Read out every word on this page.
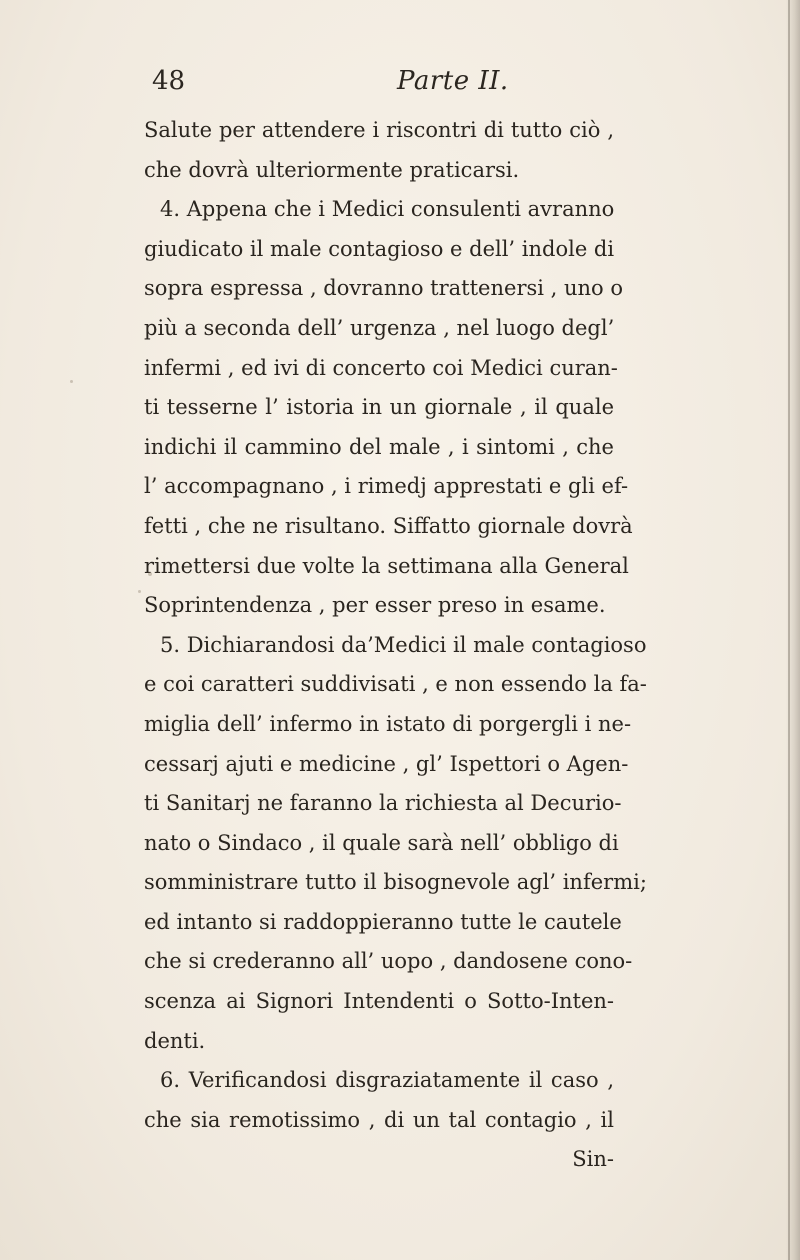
48	Parte II.
Salute per attendere i riscontri di tutto ciò ,
che dovrà ulteriormente praticarsi.
4. Appena che i Medici consulenti avranno
giudicato il male contagioso e dell’ indole di
sopra espressa , dovranno trattenersi , uno o
più a seconda dell’ urgenza , nel luogo degl’
infermi , ed ivi di concerto coi Medici curan-
ti tesserne l’ istoria in un giornale , il quale
indichi il cammino del male , i sintomi , che
l’ accompagnano , i rimedj apprestati e gli ef-
fetti , che ne risultano. Siffatto giornale dovrà
rimettersi due volte la settimana alla General
Soprintendenza , per esser preso in esame.
5. Dichiarandosi da’Medici il male contagioso
e coi caratteri suddivisati , e non essendo la fa-
miglia dell’ infermo in istato di porgergli i ne-
cessarj ajuti e medicine , gl’ Ispettori o Agen-
ti Sanitarj ne faranno la richiesta al Decurio-
nato o Sindaco , il quale sarà nell’ obbligo di
somministrare tutto il bisognevole agl’ infermi;
ed intanto si raddoppieranno tutte le cautele
che si crederanno all’ uopo , dandosene cono-
scenza ai Signori Intendenti o Sotto-Inten-
denti.
6. Verificandosi disgraziatamente il caso ,
che sia remotissimo , di un tal contagio , il
Sin-
